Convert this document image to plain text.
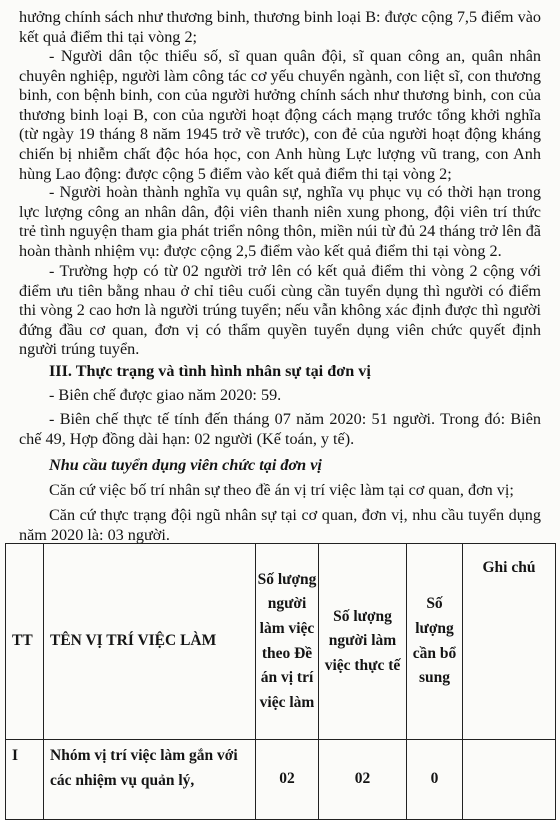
hưởng chính sách như thương binh, thương binh loại B: được cộng 7,5 điểm vào kết quả điểm thi tại vòng 2;

- Người dân tộc thiểu số, sĩ quan quân đội, sĩ quan công an, quân nhân chuyên nghiệp, người làm công tác cơ yếu chuyển ngành, con liệt sĩ, con thương binh, con bệnh binh, con của người hưởng chính sách như thương binh, con của thương binh loại B, con của người hoạt động cách mạng trước tổng khởi nghĩa (từ ngày 19 tháng 8 năm 1945 trở về trước), con đẻ của người hoạt động kháng chiến bị nhiễm chất độc hóa học, con Anh hùng Lực lượng vũ trang, con Anh hùng Lao động: được cộng 5 điểm vào kết quả điểm thi tại vòng 2;

- Người hoàn thành nghĩa vụ quân sự, nghĩa vụ phục vụ có thời hạn trong lực lượng công an nhân dân, đội viên thanh niên xung phong, đội viên trí thức trẻ tình nguyện tham gia phát triển nông thôn, miền núi từ đủ 24 tháng trở lên đã hoàn thành nhiệm vụ: được cộng 2,5 điểm vào kết quả điểm thi tại vòng 2.

- Trường hợp có từ 02 người trở lên có kết quả điểm thi vòng 2 cộng với điểm ưu tiên bằng nhau ở chỉ tiêu cuối cùng cần tuyển dụng thì người có điểm thi vòng 2 cao hơn là người trúng tuyển; nếu vẫn không xác định được thì người đứng đầu cơ quan, đơn vị có thẩm quyền tuyển dụng viên chức quyết định người trúng tuyển.

III. Thực trạng và tình hình nhân sự tại đơn vị

- Biên chế được giao năm 2020: 59.

- Biên chế thực tế tính đến tháng 07 năm 2020: 51 người. Trong đó: Biên chế 49, Hợp đồng dài hạn: 02 người (Kế toán, y tế).

Nhu cầu tuyển dụng viên chức tại đơn vị

Căn cứ việc bố trí nhân sự theo đề án vị trí việc làm tại cơ quan, đơn vị;

Căn cứ thực trạng đội ngũ nhân sự tại cơ quan, đơn vị, nhu cầu tuyển dụng năm 2020 là: 03 người.

TT	TÊN VỊ TRÍ VIỆC LÀM	Số lượng người làm việc theo Đề án vị trí việc làm	Số lượng người làm việc thực tế	Số lượng cần bổ sung	Ghi chú
I	Nhóm vị trí việc làm gắn với các nhiệm vụ quản lý,	02	02	0	
